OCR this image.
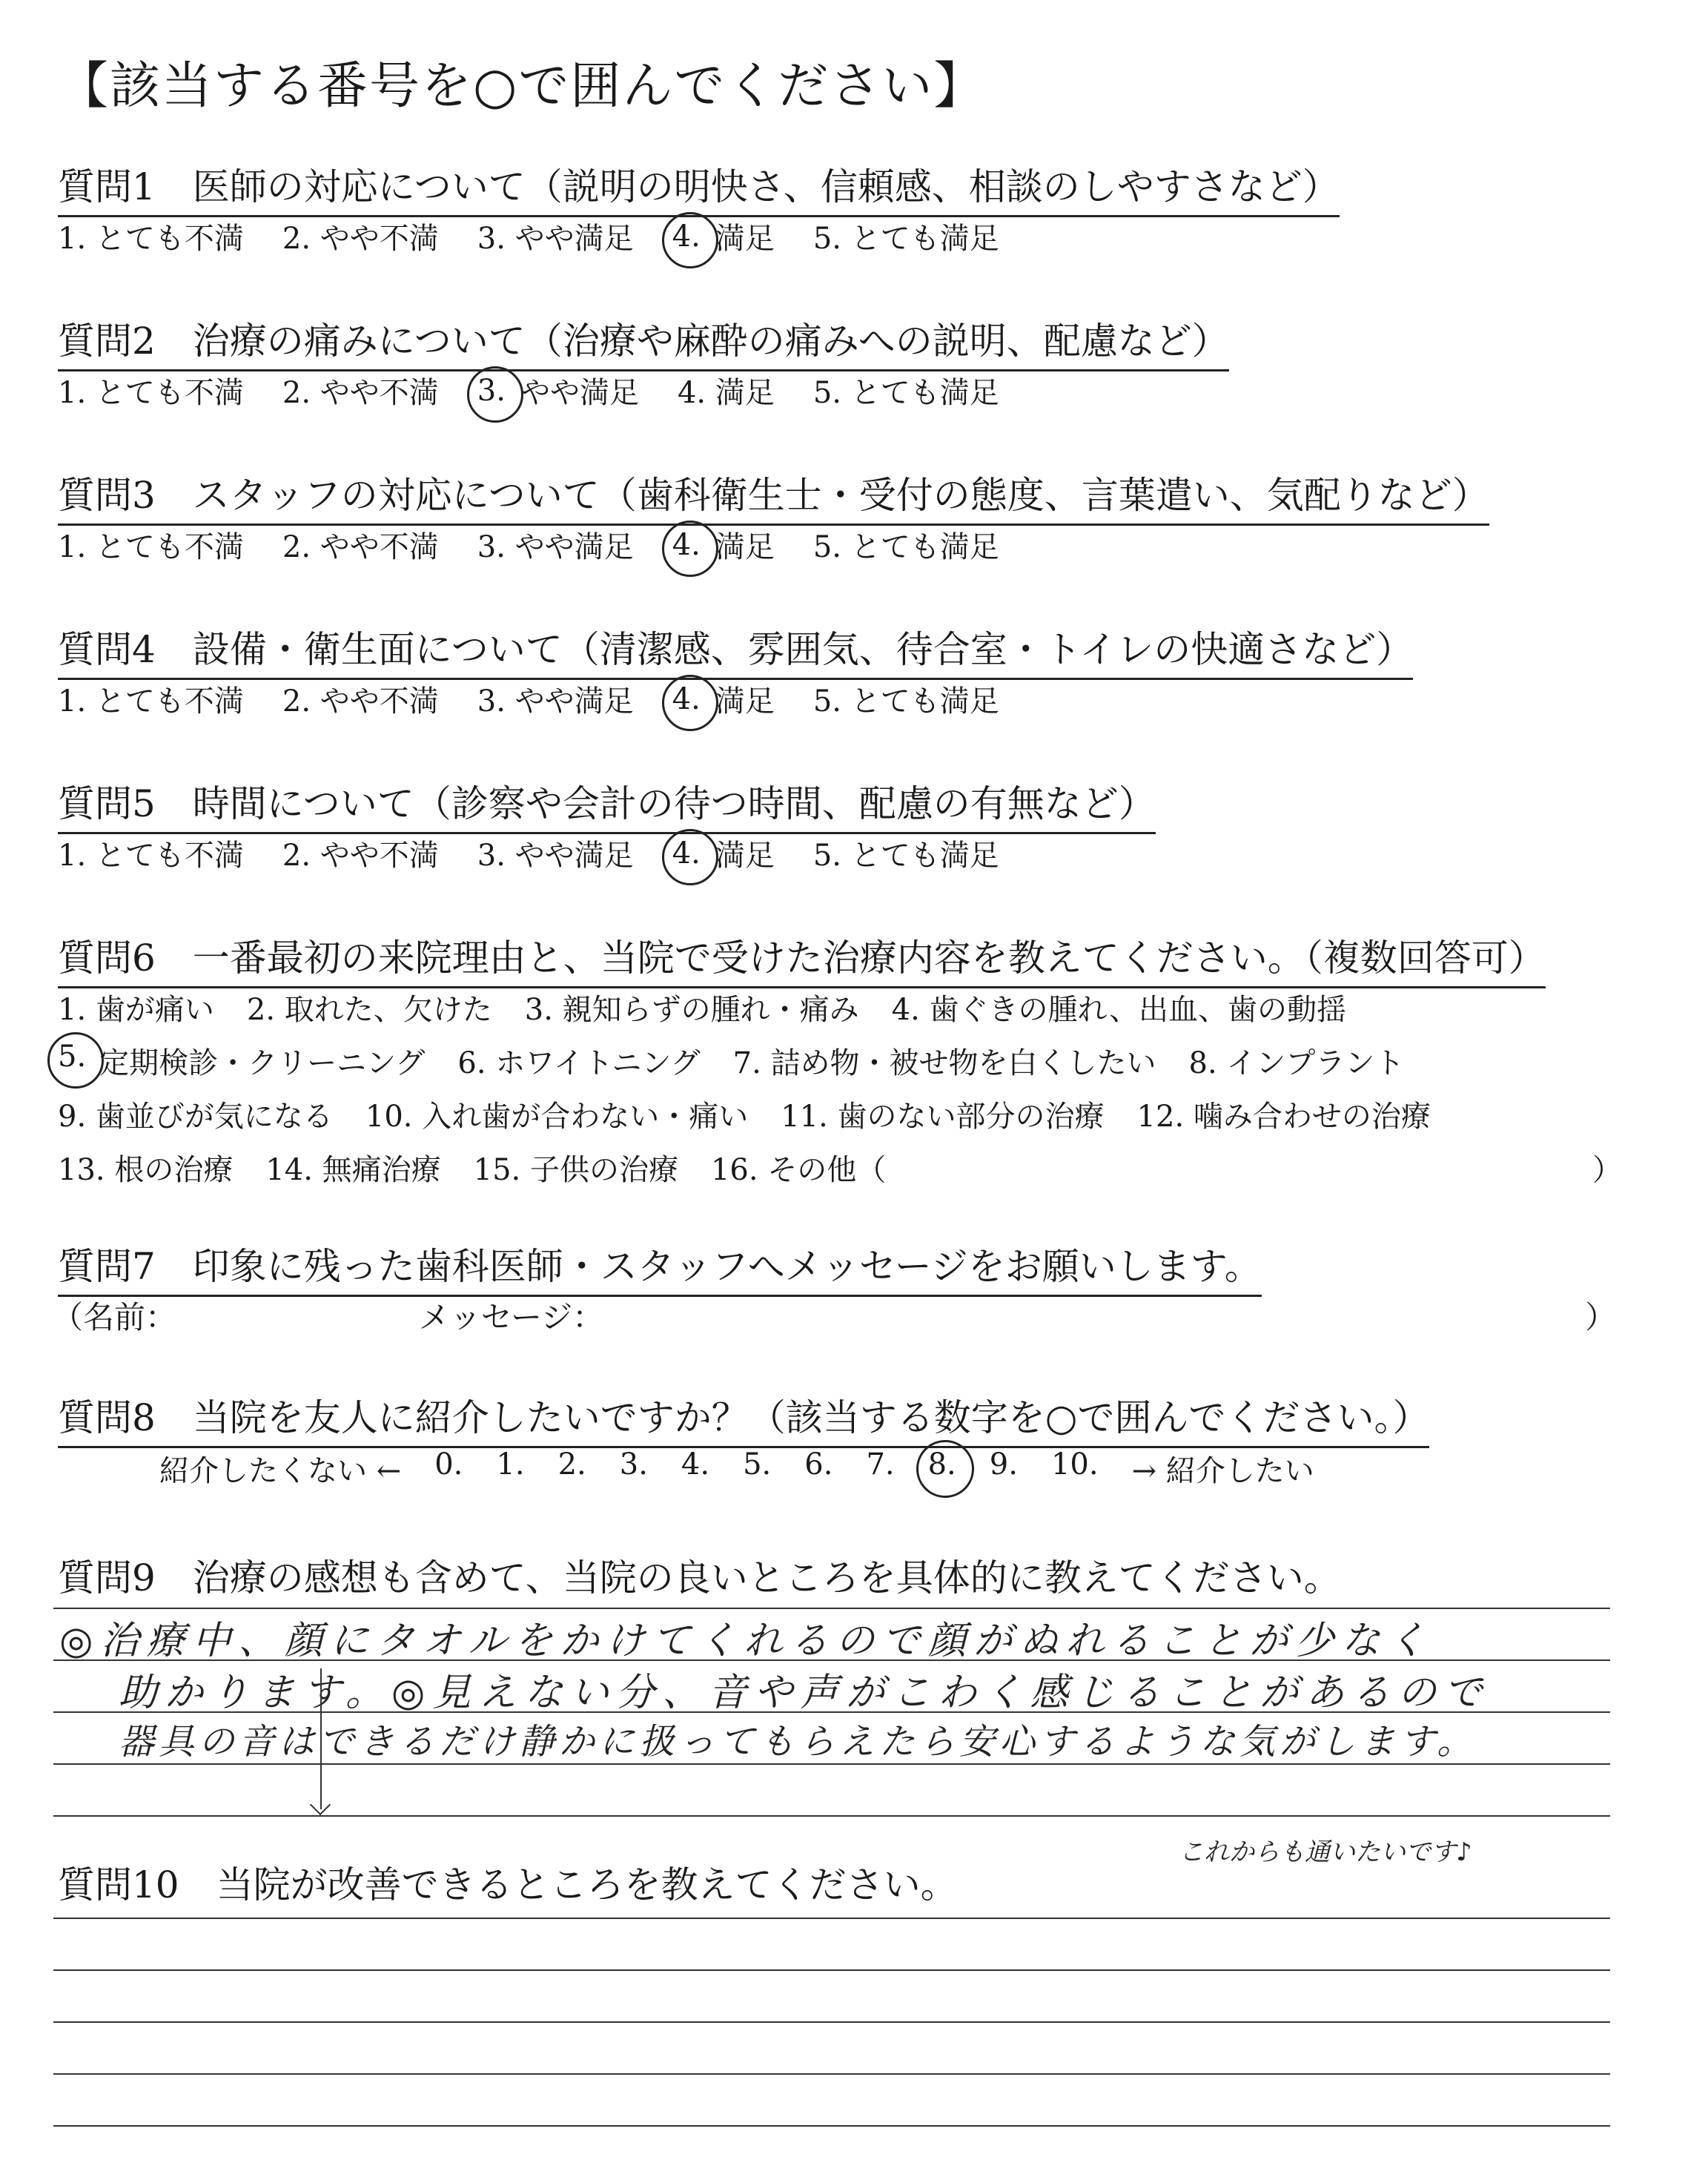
【該当する番号を○で囲んでください】
質問1　医師の対応について（説明の明快さ、信頼感、相談のしやすさなど）
1. とても不満 2. やや不満 3. やや満足 4. 満足 5. とても満足
質問2　治療の痛みについて（治療や麻酔の痛みへの説明、配慮など）
1. とても不満 2. やや不満 3. やや満足 4. 満足 5. とても満足
質問3　スタッフの対応について（歯科衛生士・受付の態度、言葉遣い、気配りなど）
1. とても不満 2. やや不満 3. やや満足 4. 満足 5. とても満足
質問4　設備・衛生面について（清潔感、雰囲気、待合室・トイレの快適さなど）
1. とても不満 2. やや不満 3. やや満足 4. 満足 5. とても満足
質問5　時間について（診察や会計の待つ時間、配慮の有無など）
1. とても不満 2. やや不満 3. やや満足 4. 満足 5. とても満足
質問6　一番最初の来院理由と、当院で受けた治療内容を教えてください。（複数回答可）
1. 歯が痛い 2. 取れた、欠けた 3. 親知らずの腫れ・痛み 4. 歯ぐきの腫れ、出血、歯の動揺
5. 定期検診・クリーニング 6. ホワイトニング 7. 詰め物・被せ物を白くしたい 8. インプラント
9. 歯並びが気になる 10. 入れ歯が合わない・痛い 11. 歯のない部分の治療 12. 噛み合わせの治療
13. 根の治療 14. 無痛治療 15. 子供の治療 16. その他（	）
質問7　印象に残った歯科医師・スタッフへメッセージをお願いします。
（名前：	メッセージ：	）
質問8　当院を友人に紹介したいですか？（該当する数字を○で囲んでください。）
紹介したくない ← 0. 1. 2. 3. 4. 5. 6. 7. 8. 9. 10. → 紹介したい
質問9　治療の感想も含めて、当院の良いところを具体的に教えてください。
◎治療中、顔にタオルをかけてくれるので顔がぬれることが少なく
助かります。◎見えない分、音や声がこわく感じることがあるので
器具の音はできるだけ静かに扱ってもらえたら安心するような気がします。
これからも通いたいです♪
質問10　当院が改善できるところを教えてください。
